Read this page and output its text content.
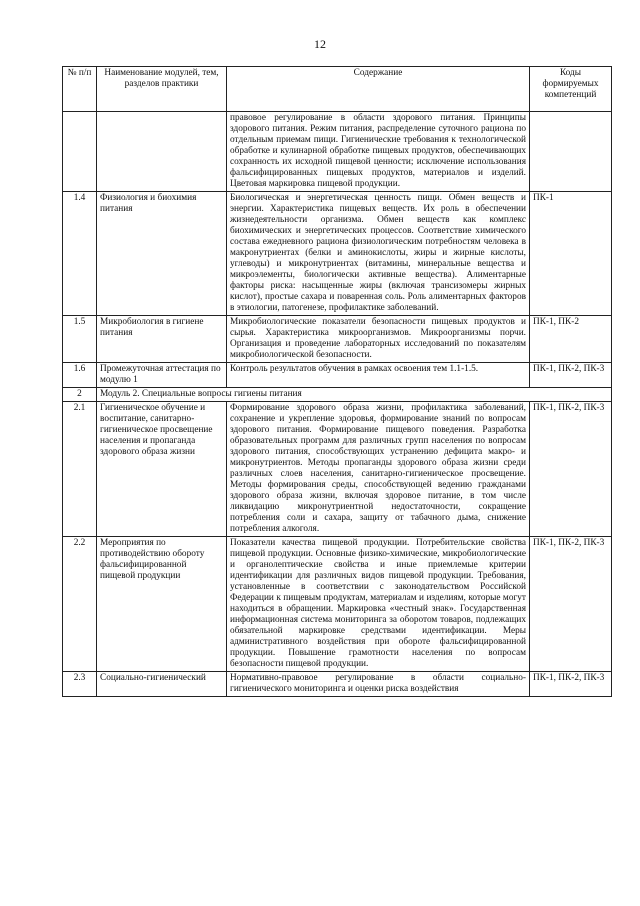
12
№ п/п	Наименование модулей, тем, разделов практики	Содержание	Коды формируемых компетенций
		правовое регулирование в области здорового питания. Принципы здорового питания. Режим питания, распределение суточного рациона по отдельным приемам пищи. Гигиенические требования к технологической обработке и кулинарной обработке пищевых продуктов, обеспечивающих сохранность их исходной пищевой ценности; исключение использования фальсифицированных пищевых продуктов, материалов и изделий. Цветовая маркировка пищевой продукции.	
1.4	Физиология и биохимия питания	Биологическая и энергетическая ценность пищи. Обмен веществ и энергии. Характеристика пищевых веществ. Их роль в обеспечении жизнедеятельности организма. Обмен веществ как комплекс биохимических и энергетических процессов. Соответствие химического состава ежедневного рациона физиологическим потребностям человека в макронутриентах (белки и аминокислоты, жиры и жирные кислоты, углеводы) и микронутриентах (витамины, минеральные вещества и микроэлементы, биологически активные вещества). Алиментарные факторы риска: насыщенные жиры (включая трансизомеры жирных кислот), простые сахара и поваренная соль. Роль алиментарных факторов в этиологии, патогенезе, профилактике заболеваний.	ПК-1
1.5	Микробиология в гигиене питания	Микробиологические показатели безопасности пищевых продуктов и сырья. Характеристика микроорганизмов. Микроорганизмы порчи. Организация и проведение лабораторных исследований по показателям микробиологической безопасности.	ПК-1, ПК-2
1.6	Промежуточная аттестация по модулю 1	Контроль результатов обучения в рамках освоения тем 1.1-1.5.	ПК-1, ПК-2, ПК-3
2	Модуль 2. Специальные вопросы гигиены питания		
2.1	Гигиеническое обучение и воспитание, санитарно-гигиеническое просвещение населения и пропаганда здорового образа жизни	Формирование здорового образа жизни, профилактика заболеваний, сохранение и укрепление здоровья, формирование знаний по вопросам здорового питания. Формирование пищевого поведения. Разработка образовательных программ для различных групп населения по вопросам здорового питания, способствующих устранению дефицита макро- и микронутриентов. Методы пропаганды здорового образа жизни среди различных слоев населения, санитарно-гигиеническое просвещение. Методы формирования среды, способствующей ведению гражданами здорового образа жизни, включая здоровое питание, в том числе ликвидацию микронутриентной недостаточности, сокращение потребления соли и сахара, защиту от табачного дыма, снижение потребления алкоголя.	ПК-1, ПК-2, ПК-3
2.2	Мероприятия по противодействию обороту фальсифицированной пищевой продукции	Показатели качества пищевой продукции. Потребительские свойства пищевой продукции. Основные физико-химические, микробиологические и органолептические свойства и иные приемлемые критерии идентификации для различных видов пищевой продукции. Требования, установленные в соответствии с законодательством Российской Федерации к пищевым продуктам, материалам и изделиям, которые могут находиться в обращении. Маркировка «честный знак». Государственная информационная система мониторинга за оборотом товаров, подлежащих обязательной маркировке средствами идентификации. Меры административного воздействия при обороте фальсифицированной продукции. Повышение грамотности населения по вопросам безопасности пищевой продукции.	ПК-1, ПК-2, ПК-3
2.3	Социально-гигиенический	Нормативно-правовое регулирование в области социально-гигиенического мониторинга и оценки риска воздействия	ПК-1, ПК-2, ПК-3
